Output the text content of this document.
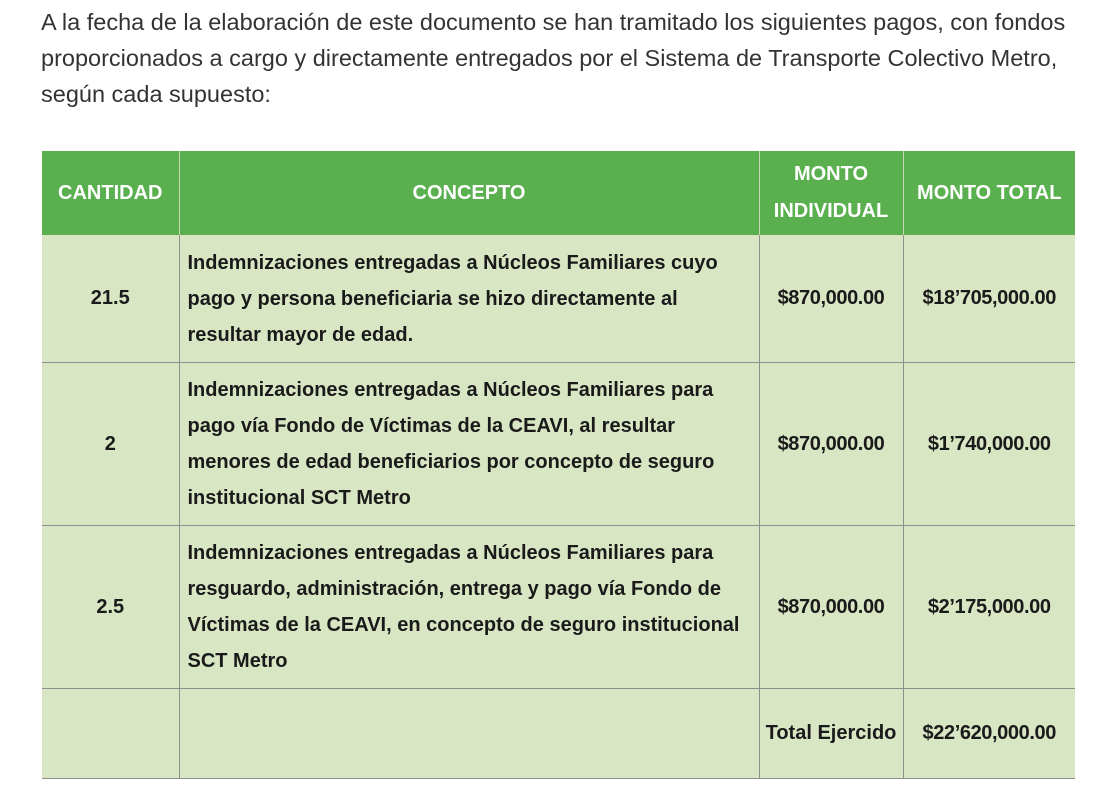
A la fecha de la elaboración de este documento se han tramitado los siguientes pagos, con fondos proporcionados a cargo y directamente entregados por el Sistema de Transporte Colectivo Metro, según cada supuesto:

CANTIDAD	CONCEPTO	MONTO INDIVIDUAL	MONTO TOTAL
21.5	Indemnizaciones entregadas a Núcleos Familiares cuyo pago y persona beneficiaria se hizo directamente al resultar mayor de edad.	$870,000.00	$18’705,000.00
2	Indemnizaciones entregadas a Núcleos Familiares para pago vía Fondo de Víctimas de la CEAVI, al resultar menores de edad beneficiarios por concepto de seguro institucional SCT Metro	$870,000.00	$1’740,000.00
2.5	Indemnizaciones entregadas a Núcleos Familiares para resguardo, administración, entrega y pago vía Fondo de Víctimas de la CEAVI, en concepto de seguro institucional SCT Metro	$870,000.00	$2’175,000.00
		Total Ejercido	$22’620,000.00
